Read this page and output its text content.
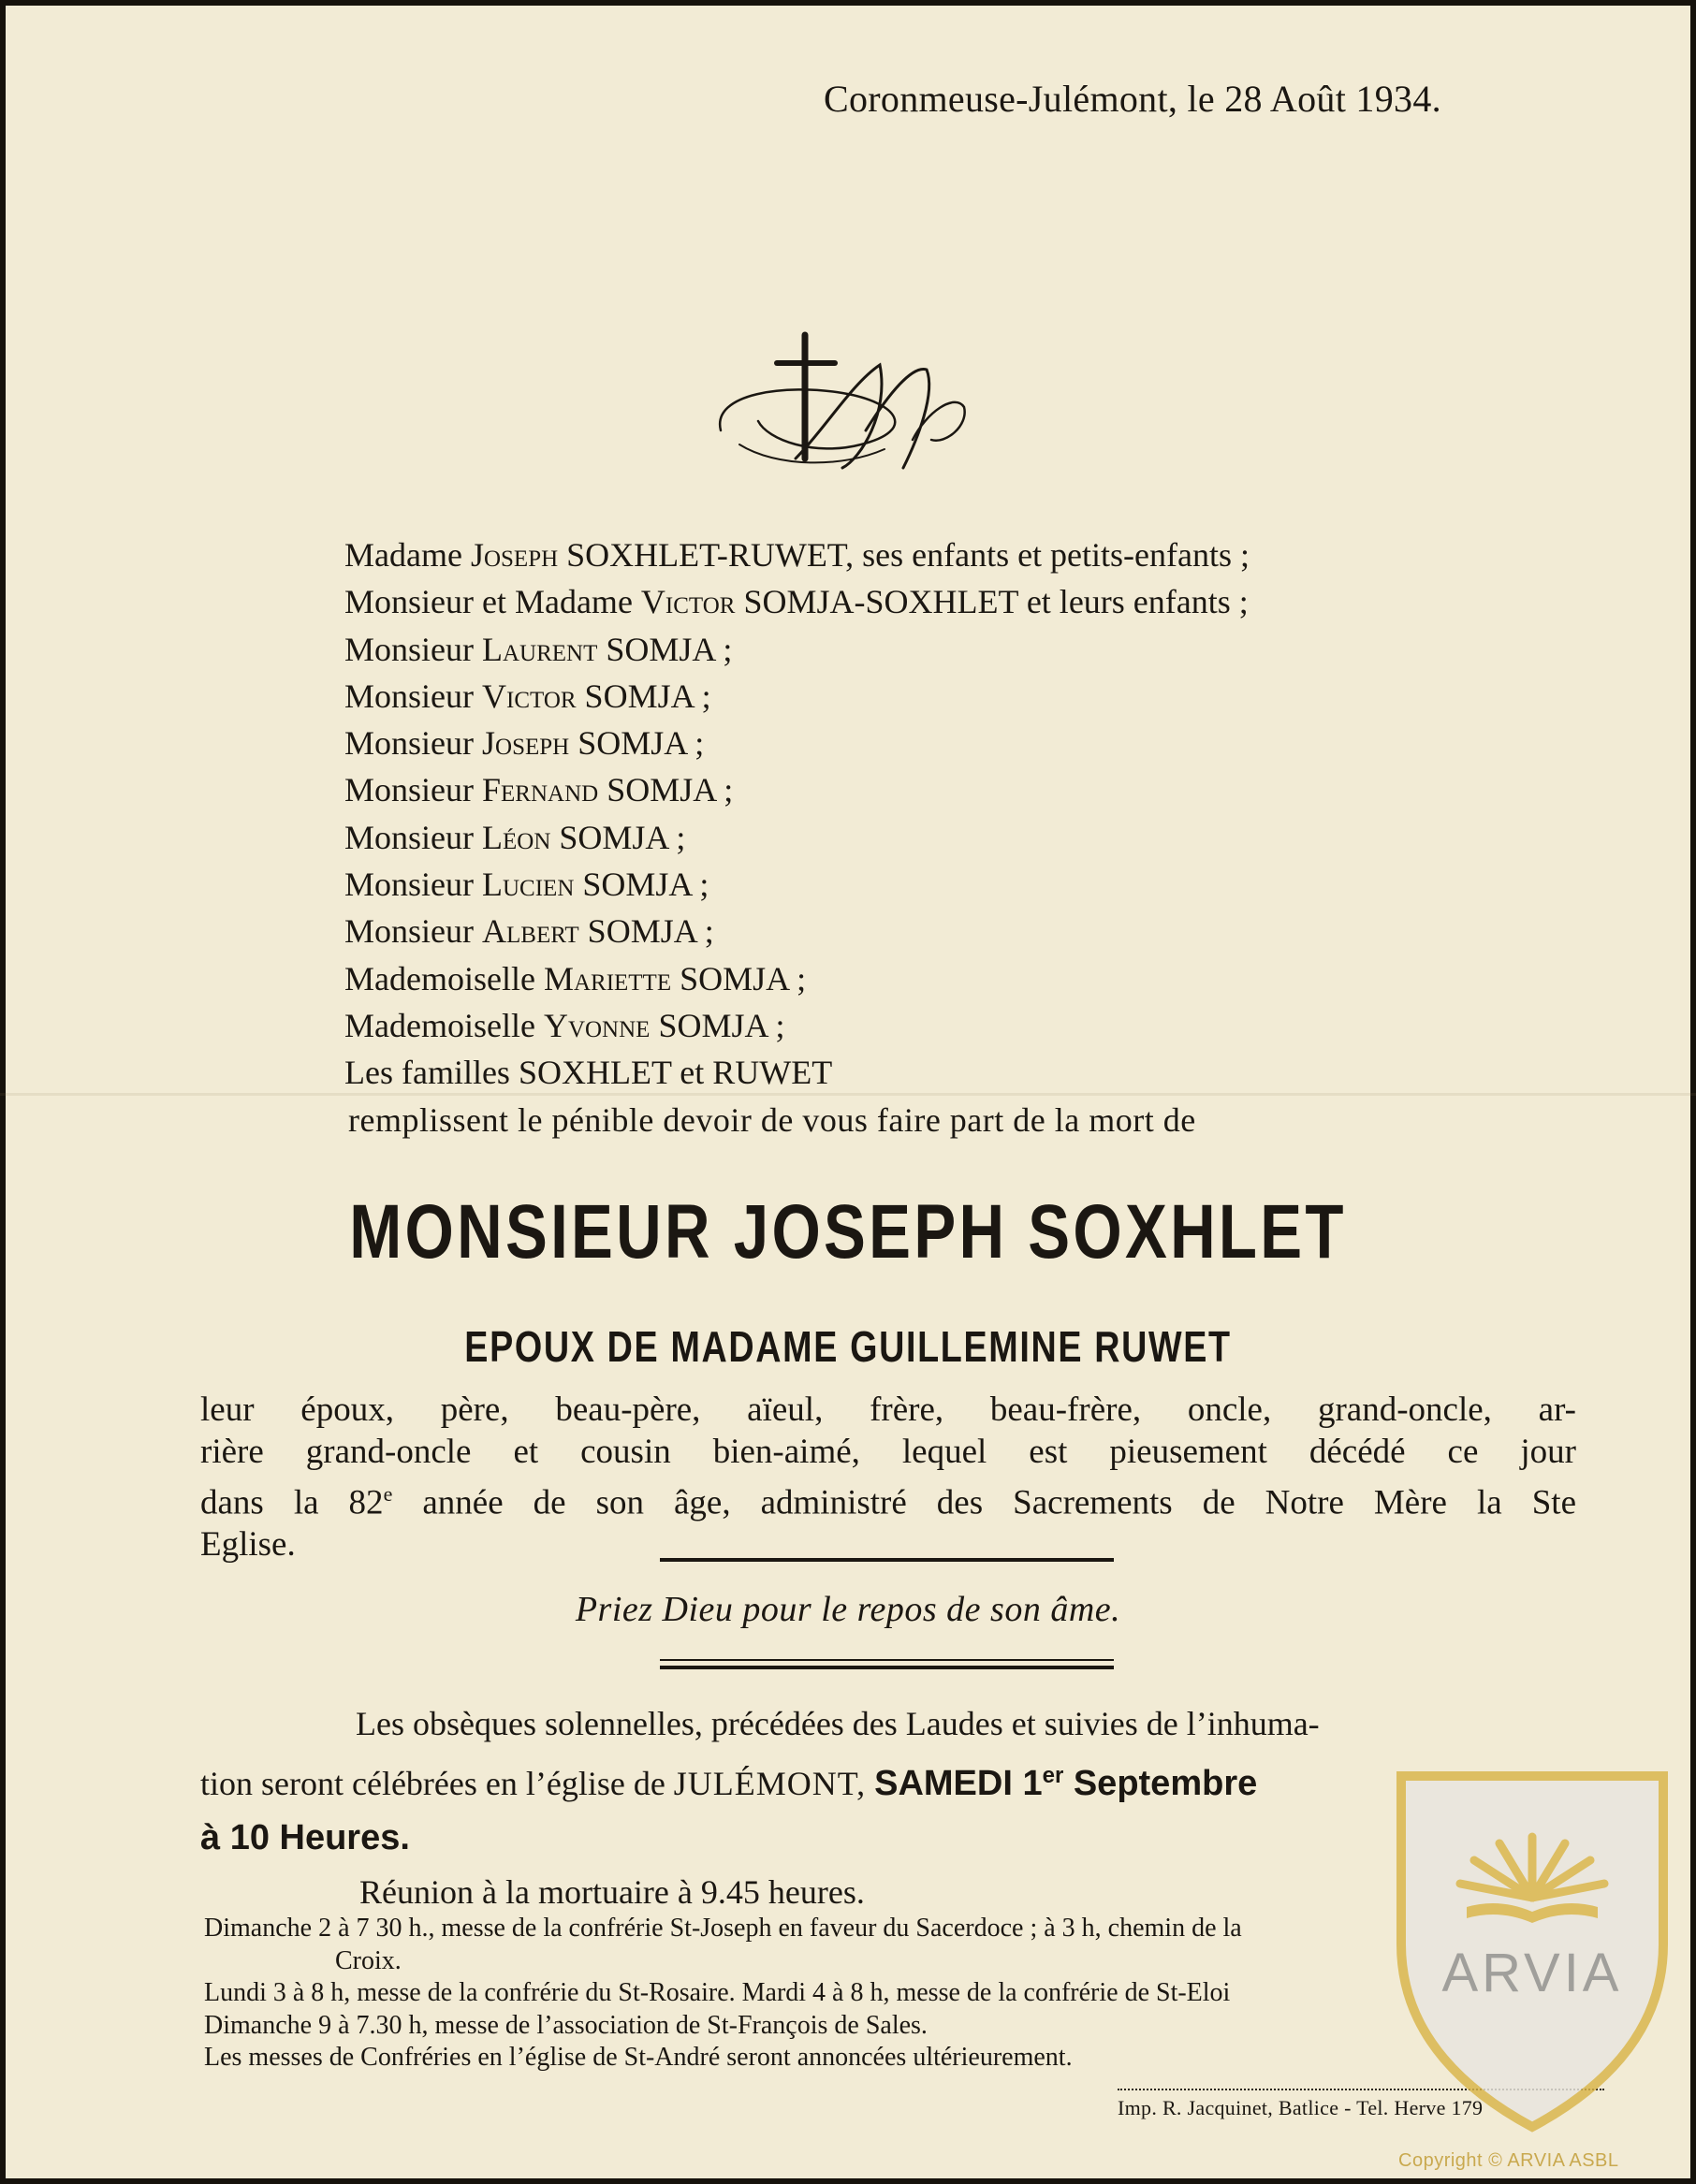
Coronmeuse-Julémont, le 28 Août 1934.
Madame Joseph SOXHLET-RUWET, ses enfants et petits-enfants ;
Monsieur et Madame Victor SOMJA-SOXHLET et leurs enfants ;
Monsieur Laurent SOMJA ;
Monsieur Victor SOMJA ;
Monsieur Joseph SOMJA ;
Monsieur Fernand SOMJA ;
Monsieur Léon SOMJA ;
Monsieur Lucien SOMJA ;
Monsieur Albert SOMJA ;
Mademoiselle Mariette SOMJA ;
Mademoiselle Yvonne SOMJA ;
Les familles SOXHLET et RUWET
remplissent le pénible devoir de vous faire part de la mort de
MONSIEUR JOSEPH SOXHLET
EPOUX DE MADAME GUILLEMINE RUWET
leur époux, père, beau-père, aïeul, frère, beau-frère, oncle, grand-oncle, ar-
rière grand-oncle et cousin bien-aimé, lequel est pieusement décédé ce jour
dans la 82e année de son âge, administré des Sacrements de Notre Mère la Ste
Eglise.
Priez Dieu pour le repos de son âme.
Les obsèques solennelles, précédées des Laudes et suivies de l’inhuma-
tion seront célébrées en l’église de JULÉMONT, SAMEDI 1er Septembre
à 10 Heures.
Réunion à la mortuaire à 9.45 heures.
Dimanche 2 à 7 30 h., messe de la confrérie St-Joseph en faveur du Sacerdoce ; à 3 h, chemin de la
Croix.
Lundi 3 à 8 h, messe de la confrérie du St-Rosaire. Mardi 4 à 8 h, messe de la confrérie de St-Eloi
Dimanche 9 à 7.30 h, messe de l’association de St-François de Sales.
Les messes de Confréries en l’église de St-André seront annoncées ultérieurement.
Imp. R. Jacquinet, Batlice - Tel. Herve 179
ARVIA
Copyright © ARVIA ASBL
